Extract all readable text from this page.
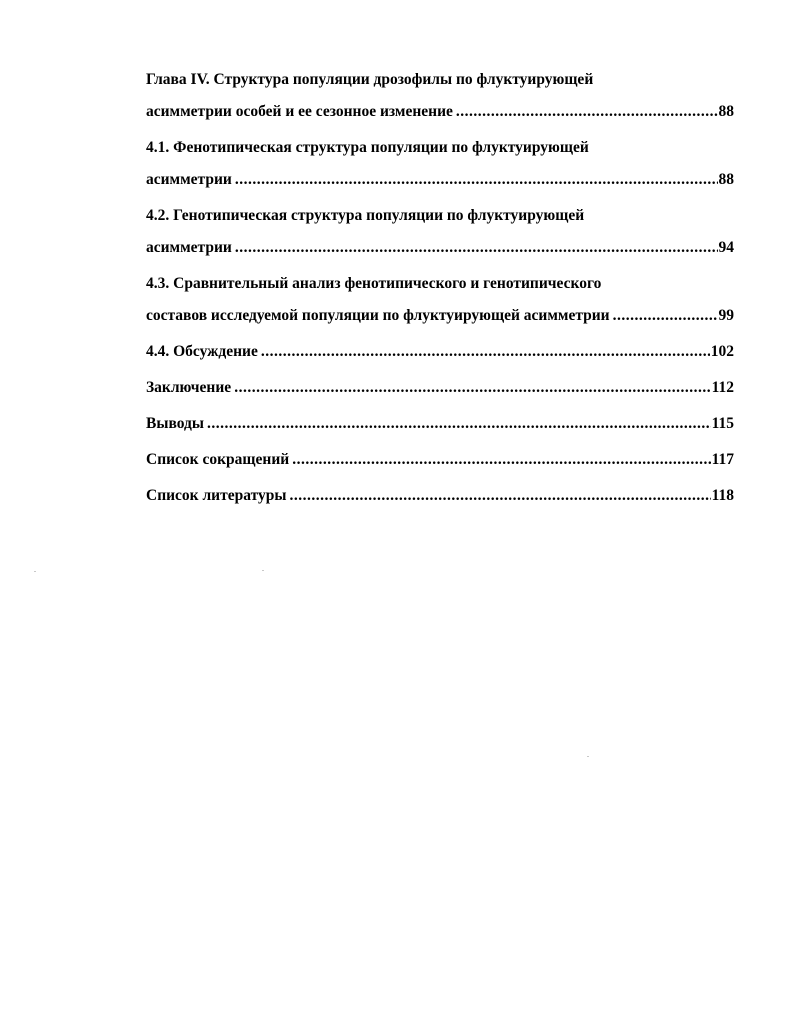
Глава IV. Структура популяции дрозофилы по флуктуирующей
асимметрии особей и ее сезонное изменение .....	88
4.1. Фенотипическая структура популяции по флуктуирующей
асимметрии .....	88
4.2. Генотипическая структура популяции по флуктуирующей
асимметрии .....	94
4.3. Сравнительный анализ фенотипического и генотипического
составов исследуемой популяции по флуктуирующей асимметрии .....	99
4.4. Обсуждение .....	102
Заключение .....	112
Выводы .....	115
Список сокращений .....	117
Список литературы .....	118
